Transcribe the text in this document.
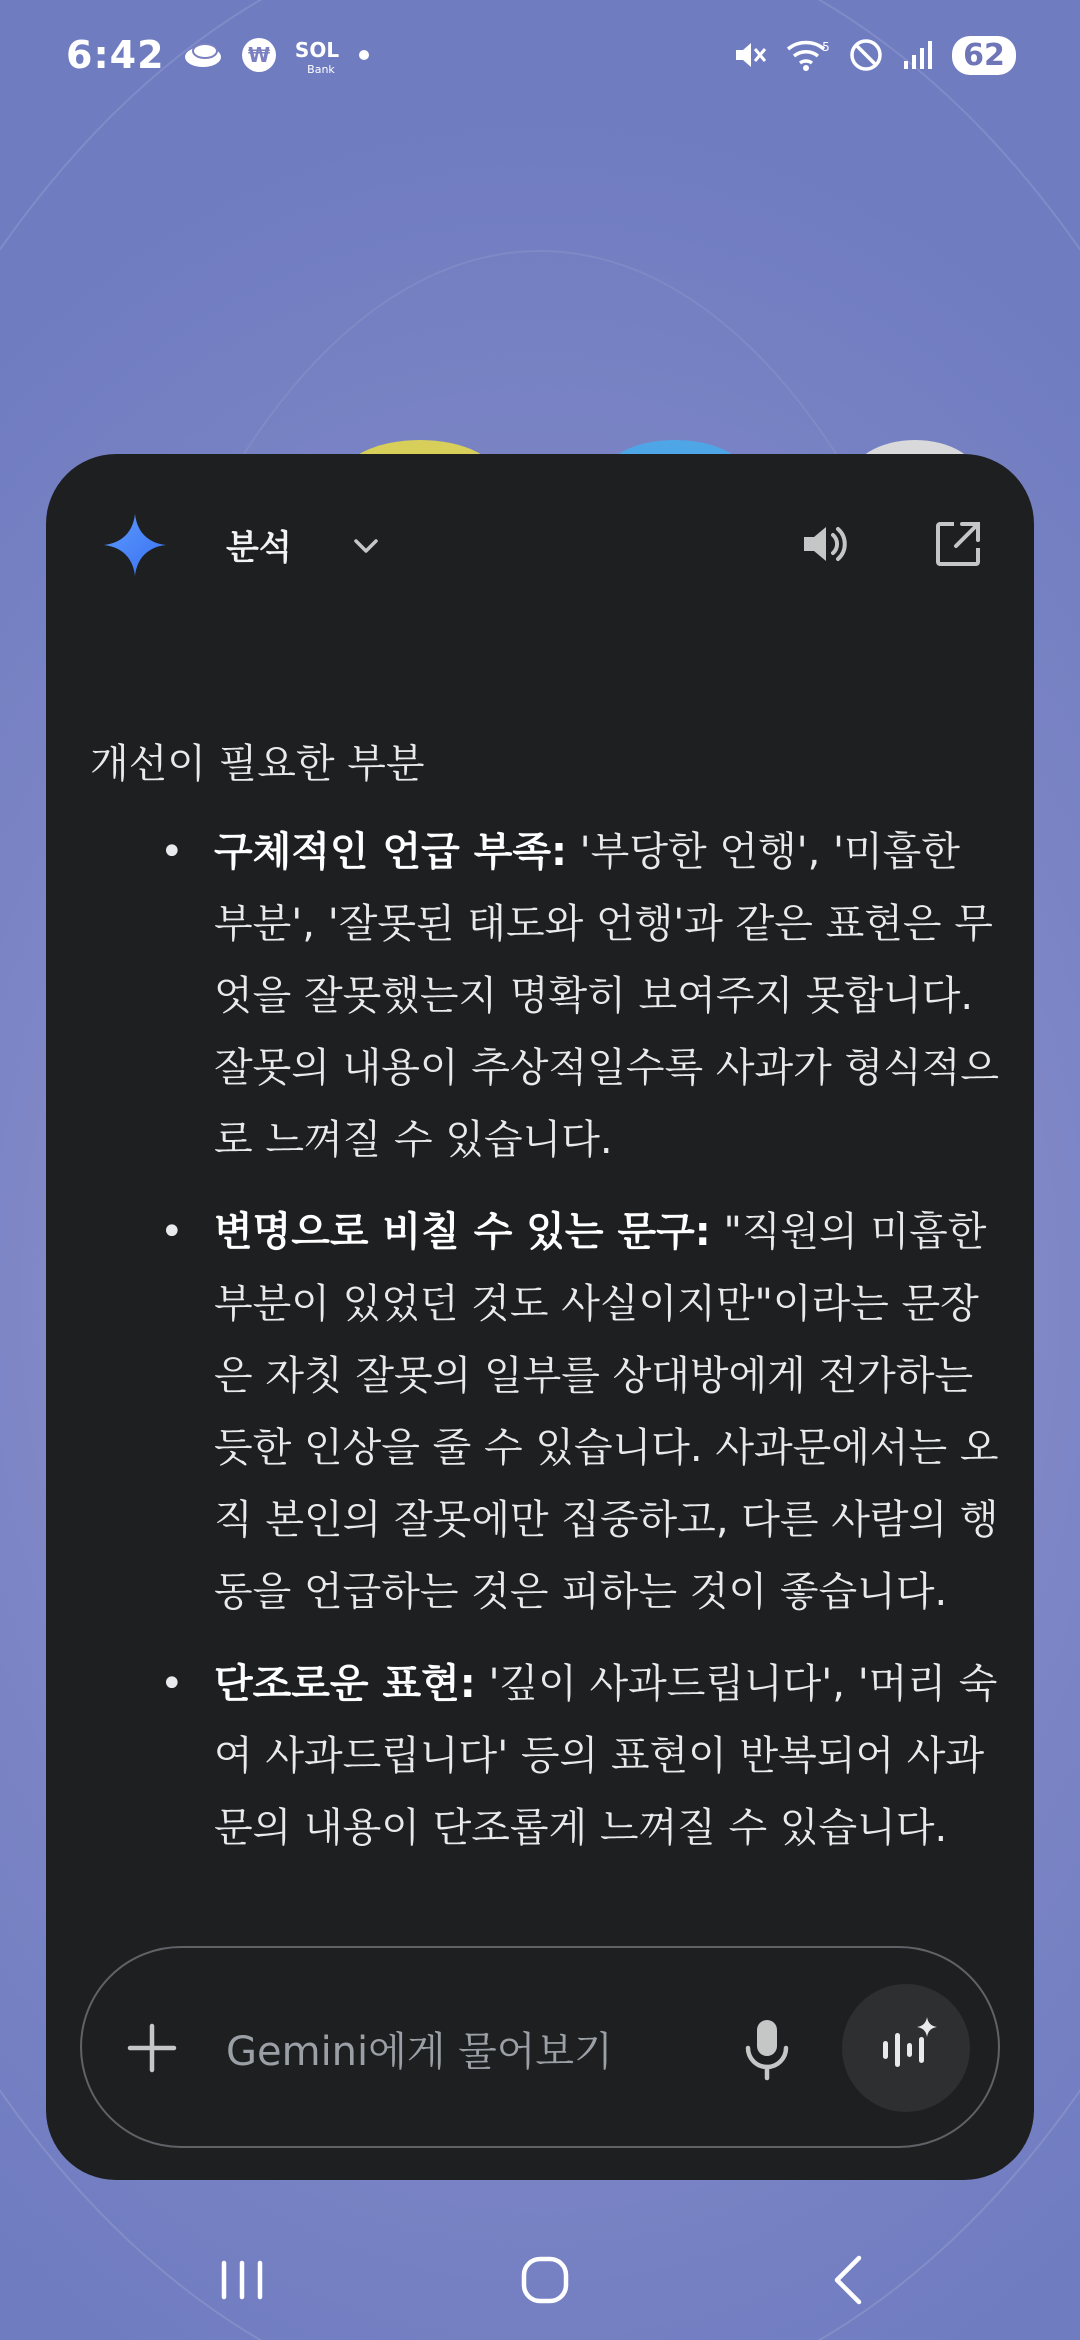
6:42	₩ SOL
Bank
5	62
분석
개선이 필요한 부분
• 구체적인 언급 부족: '부당한 언행', '미흡한 부분', '잘못된 태도와 언행'과 같은 표현은 무엇을 잘못했는지 명확히 보여주지 못합니다. 잘못의 내용이 추상적일수록 사과가 형식적으로 느껴질 수 있습니다.
• 변명으로 비칠 수 있는 문구: "직원의 미흡한 부분이 있었던 것도 사실이지만"이라는 문장은 자칫 잘못의 일부를 상대방에게 전가하는 듯한 인상을 줄 수 있습니다. 사과문에서는 오직 본인의 잘못에만 집중하고, 다른 사람의 행동을 언급하는 것은 피하는 것이 좋습니다.
• 단조로운 표현: '깊이 사과드립니다', '머리 숙여 사과드립니다' 등의 표현이 반복되어 사과문의 내용이 단조롭게 느껴질 수 있습니다.
Gemini에게 물어보기
